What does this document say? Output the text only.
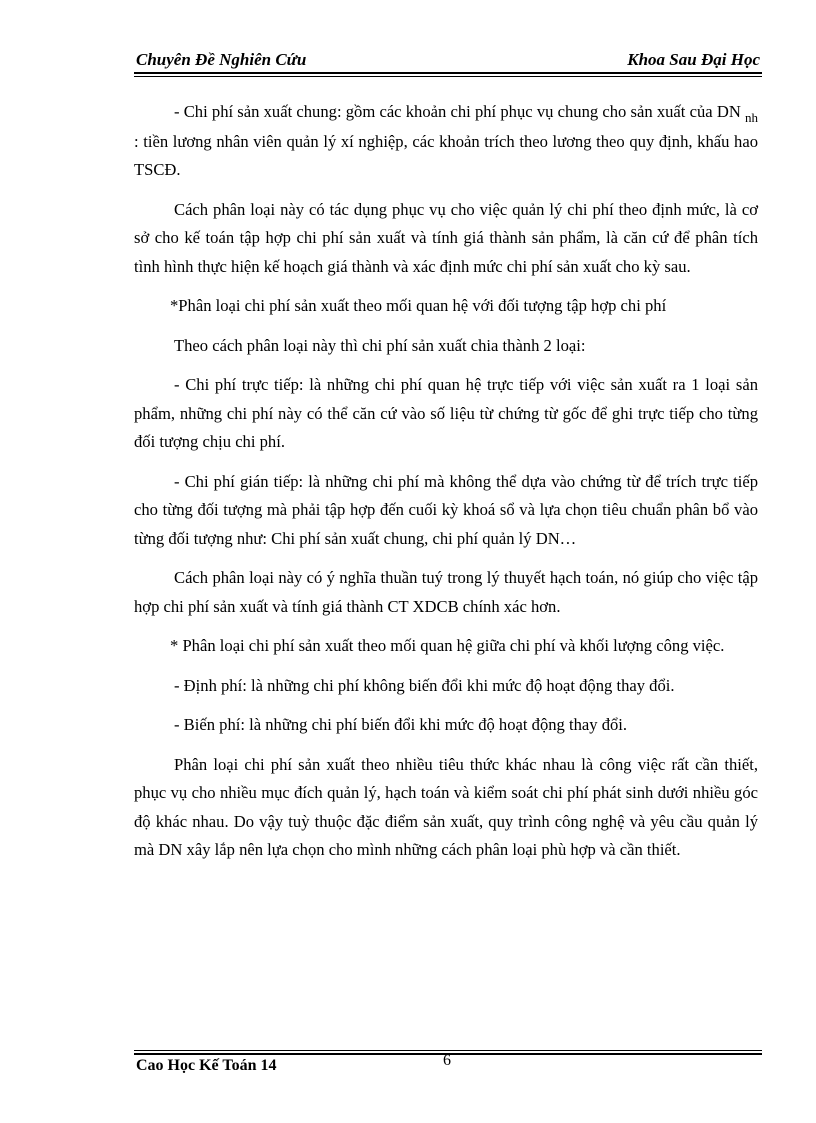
Chuyên Đề Nghiên Cứu	Khoa Sau Đại Học

- Chi phí sản xuất chung: gồm các khoản chi phí phục vụ chung cho sản xuất của DN $_{nh}$ : tiền lương nhân viên quản lý xí nghiệp, các khoản trích theo lương theo quy định, khấu hao TSCĐ.

Cách phân loại này có tác dụng phục vụ cho việc quản lý chi phí theo định mức, là cơ sở cho kế toán tập hợp chi phí sản xuất và tính giá thành sản phẩm, là căn cứ để phân tích tình hình thực hiện kế hoạch giá thành và xác định mức chi phí sản xuất cho kỳ sau.

*Phân loại chi phí sản xuất theo mối quan hệ với đối tượng tập hợp chi phí

Theo cách phân loại này thì chi phí sản xuất chia thành 2 loại:

- Chi phí trực tiếp: là những chi phí quan hệ trực tiếp với việc sản xuất ra 1 loại sản phẩm, những chi phí này có thể căn cứ vào số liệu từ chứng từ gốc để ghi trực tiếp cho từng đối tượng chịu chi phí.

- Chi phí gián tiếp: là những chi phí mà không thể dựa vào chứng từ để trích trực tiếp cho từng đối tượng mà phải tập hợp đến cuối kỳ khoá sổ và lựa chọn tiêu chuẩn phân bổ vào từng đối tượng như: Chi phí sản xuất chung, chi phí quản lý DN…

Cách phân loại này có ý nghĩa thuần tuý trong lý thuyết hạch toán, nó giúp cho việc tập hợp chi phí sản xuất và tính giá thành CT XDCB chính xác hơn.

* Phân loại chi phí sản xuất theo mối quan hệ giữa chi phí và khối lượng công việc.

- Định phí: là những chi phí không biến đổi khi mức độ hoạt động thay đổi.

- Biến phí: là những chi phí biến đổi khi mức độ hoạt động thay đổi.

Phân loại chi phí sản xuất theo nhiều tiêu thức khác nhau là công việc rất cần thiết, phục vụ cho nhiều mục đích quản lý, hạch toán và kiểm soát chi phí phát sinh dưới nhiều góc độ khác nhau. Do vậy tuỳ thuộc đặc điểm sản xuất, quy trình công nghệ và yêu cầu quản lý mà DN xây lắp nên lựa chọn cho mình những cách phân loại phù hợp và cần thiết.

Cao Học Kế Toán 14	6
